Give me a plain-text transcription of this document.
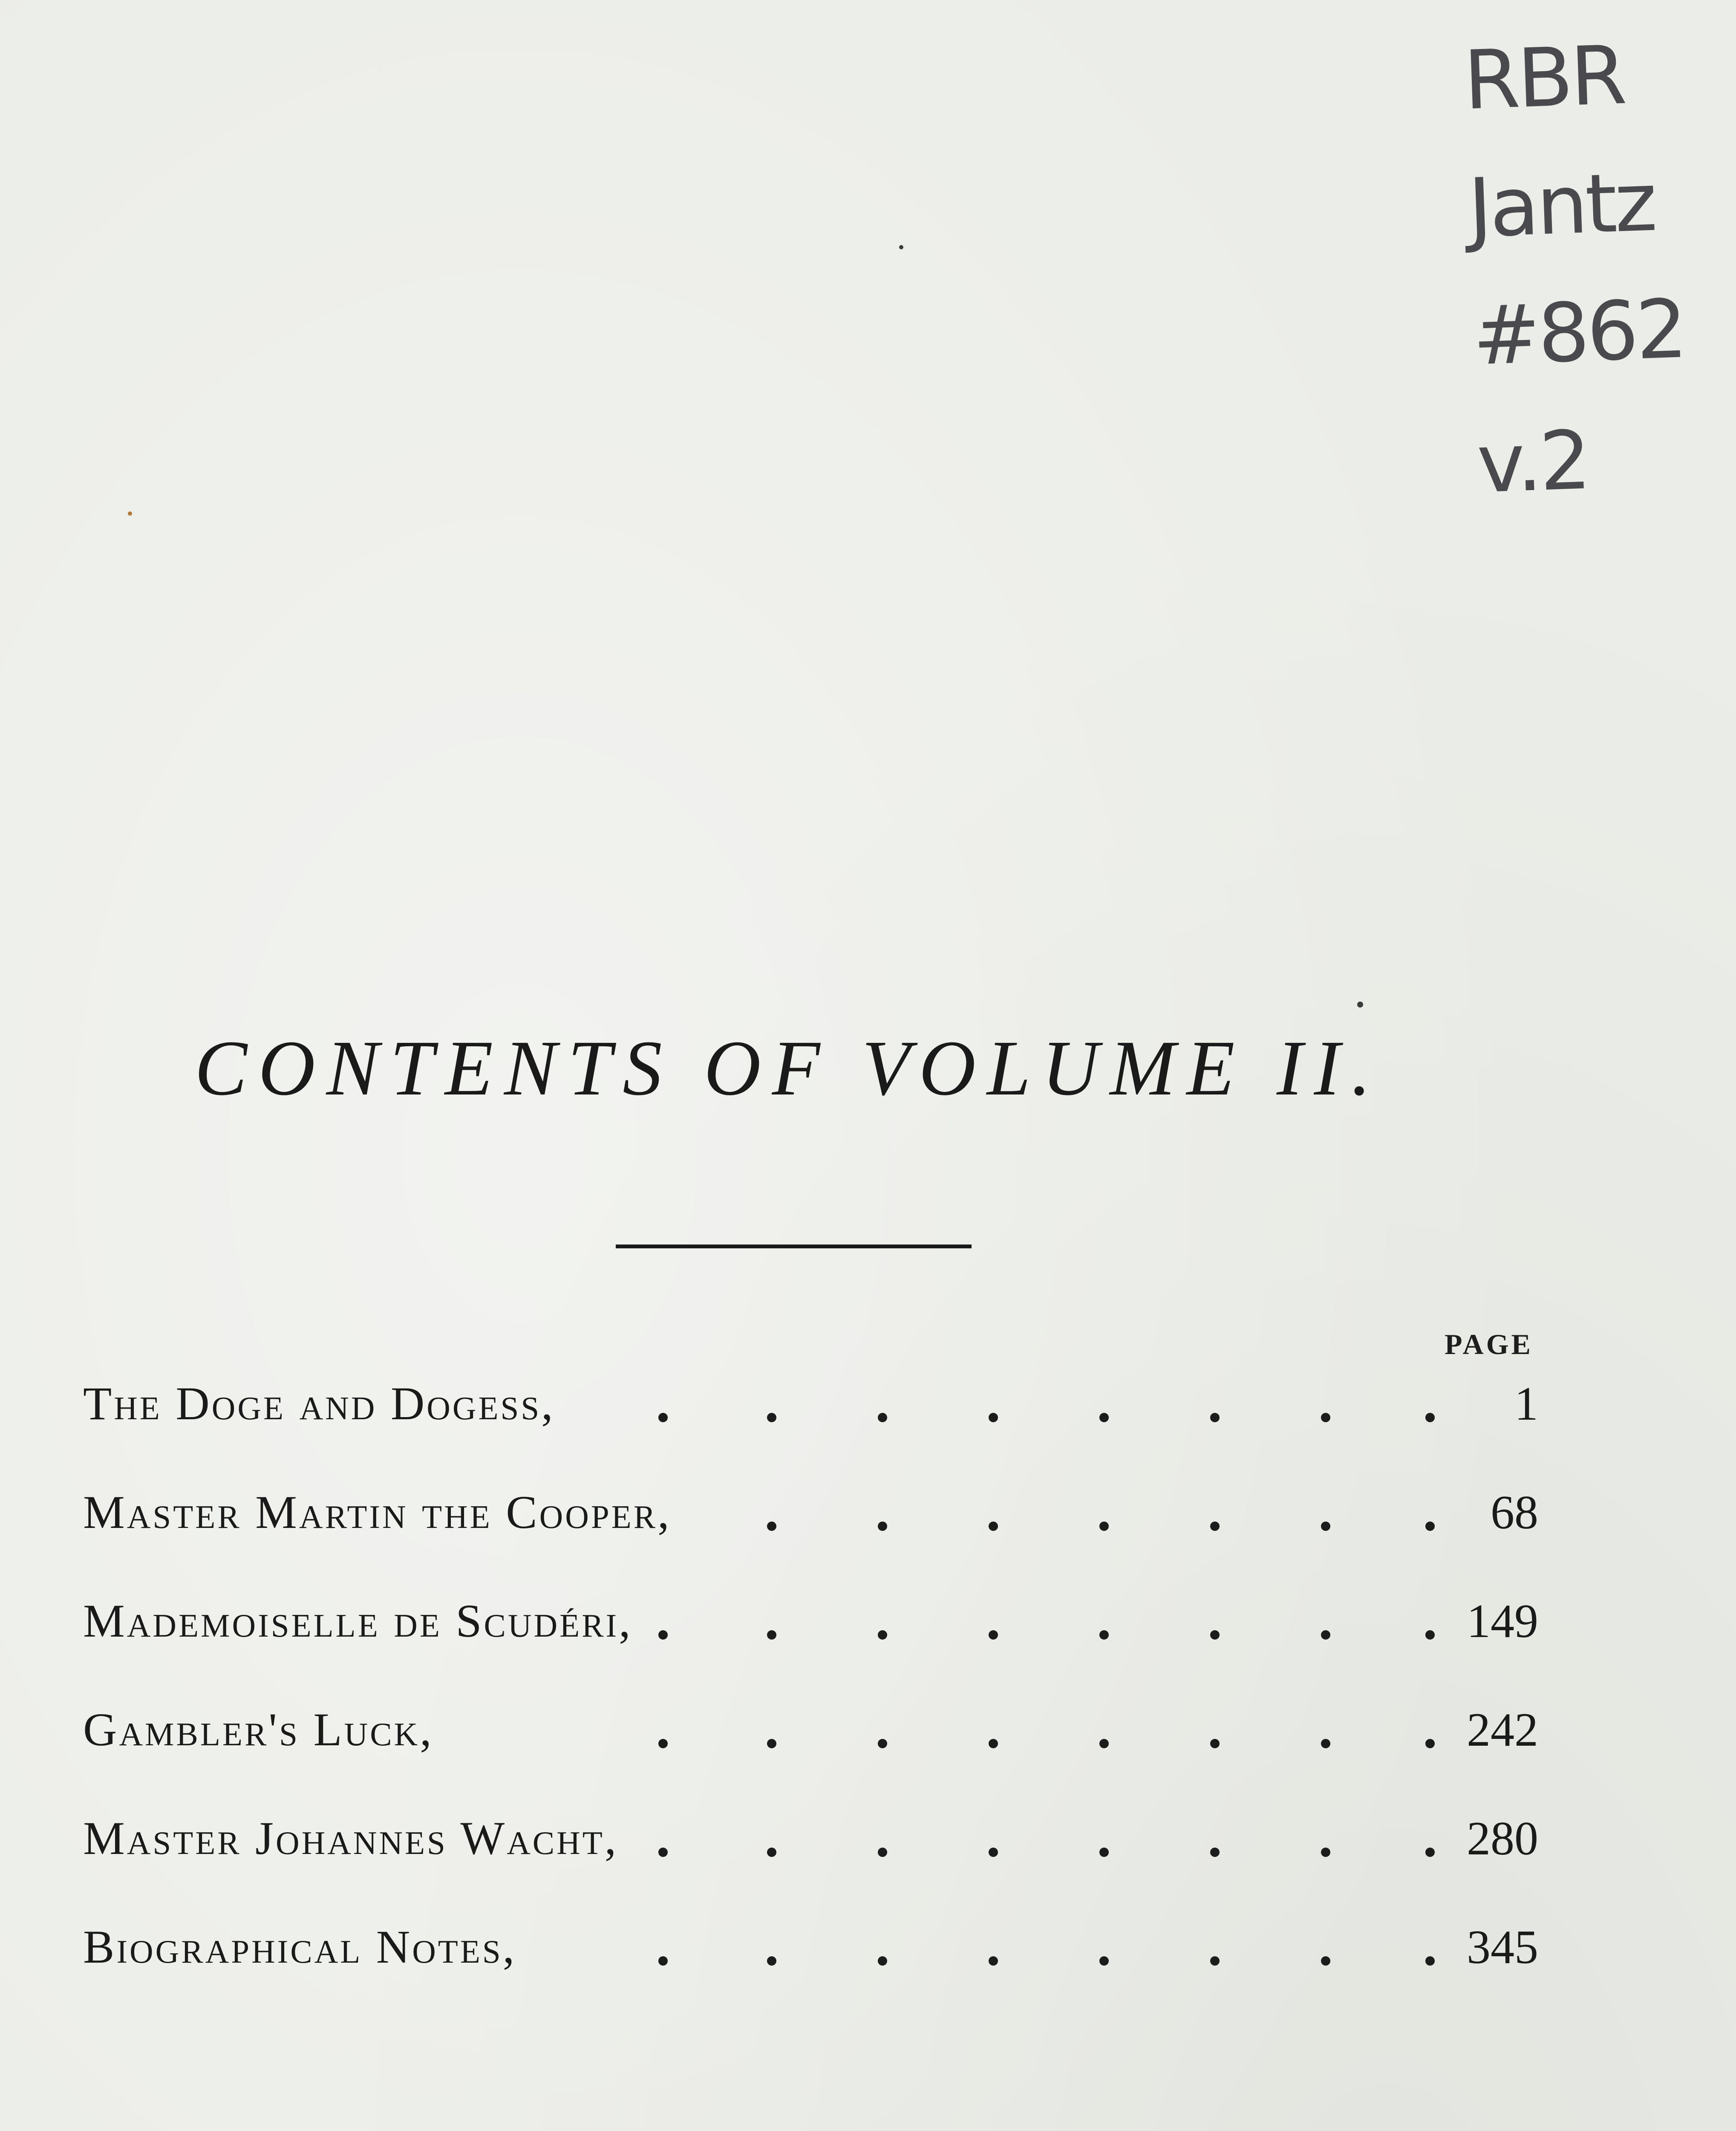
RBR
Jantz
#862
v.2
CONTENTS OF VOLUME II.
PAGE
The Doge and Dogess,	1
Master Martin the Cooper,	68
Mademoiselle de Scudéri,	149
Gambler's Luck,	242
Master Johannes Wacht,	280
Biographical Notes,	345
